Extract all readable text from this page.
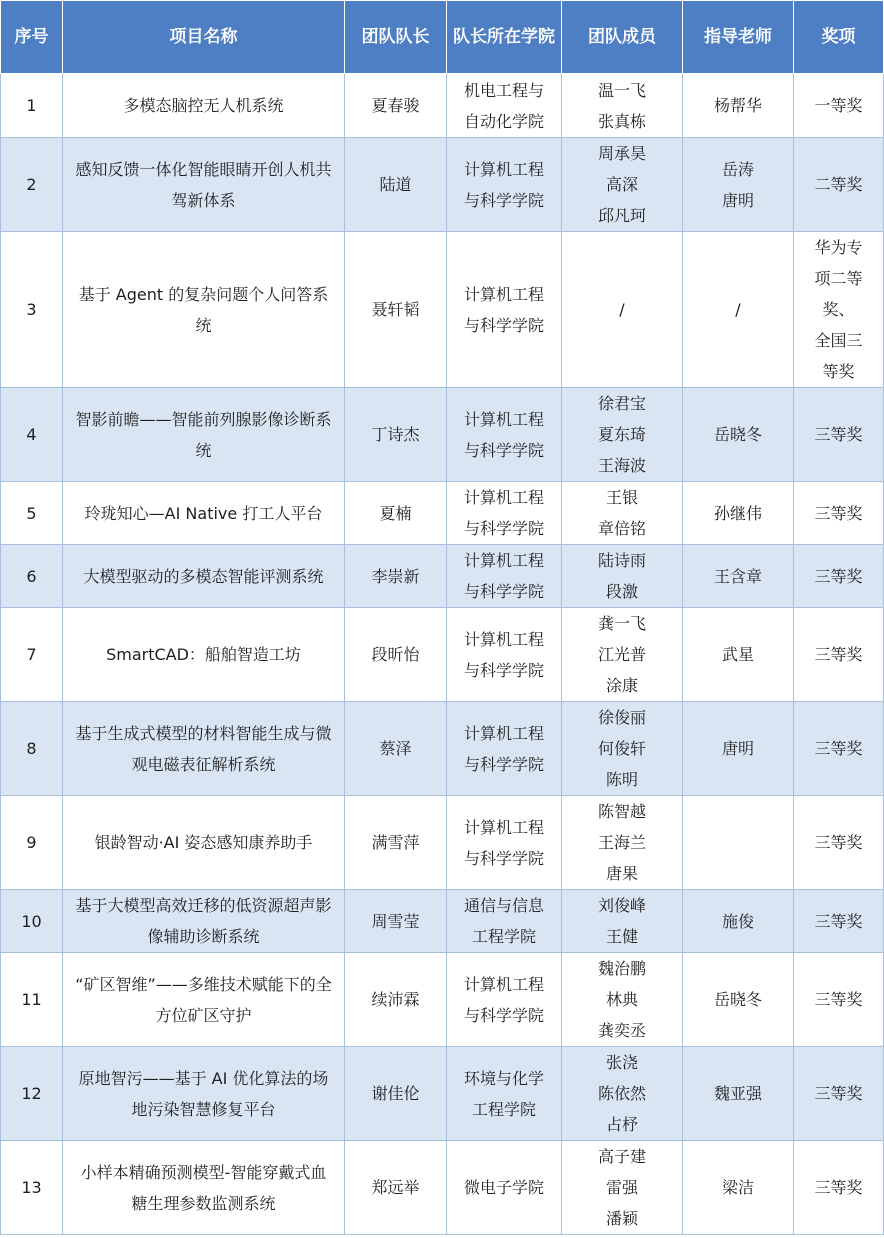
序号	项目名称	团队队长	队长所在学院	团队成员	指导老师	奖项
1	多模态脑控无人机系统	夏春骏	机电工程与
自动化学院	温一飞
张真栋	杨帮华	一等奖

2	感知反馈一体化智能眼睛开创人机共驾新体系	陆道	计算机工程
与科学学院	周承昊
高深
邱凡珂	岳涛
唐明	二等奖

3	基于 Agent 的复杂问题个人问答系统	聂轩韬	计算机工程
与科学学院	/	/	华为专
项二等
奖、
全国三
等奖

4	智影前瞻——智能前列腺影像诊断系统	丁诗杰	计算机工程
与科学学院	徐君宝
夏东琦
王海波	岳晓冬	三等奖

5	玲珑知心—AI Native 打工人平台	夏楠	计算机工程
与科学学院	王银
章倍铭	孙继伟	三等奖

6	大模型驱动的多模态智能评测系统	李崇新	计算机工程
与科学学院	陆诗雨
段激	王含章	三等奖

7	SmartCAD：船舶智造工坊	段昕怡	计算机工程
与科学学院	龚一飞
江光普
涂康	武星	三等奖

8	基于生成式模型的材料智能生成与微观电磁表征解析系统	蔡泽	计算机工程
与科学学院	徐俊丽
何俊轩
陈明	唐明	三等奖

9	银龄智动·AI 姿态感知康养助手	满雪萍	计算机工程
与科学学院	陈智越
王海兰
唐果		三等奖

10	基于大模型高效迁移的低资源超声影像辅助诊断系统	周雪莹	通信与信息
工程学院	刘俊峰
王健	施俊	三等奖

11	“矿区智维”——多维技术赋能下的全方位矿区守护	续沛霖	计算机工程
与科学学院	魏治鹏
林典
龚奕丞	岳晓冬	三等奖

12	原地智污——基于 AI 优化算法的场地污染智慧修复平台	谢佳伦	环境与化学
工程学院	张浇
陈依然
占杼	魏亚强	三等奖

13	小样本精确预测模型-智能穿戴式血糖生理参数监测系统	郑远举	微电子学院	高子建
雷强
潘颖	梁洁	三等奖
